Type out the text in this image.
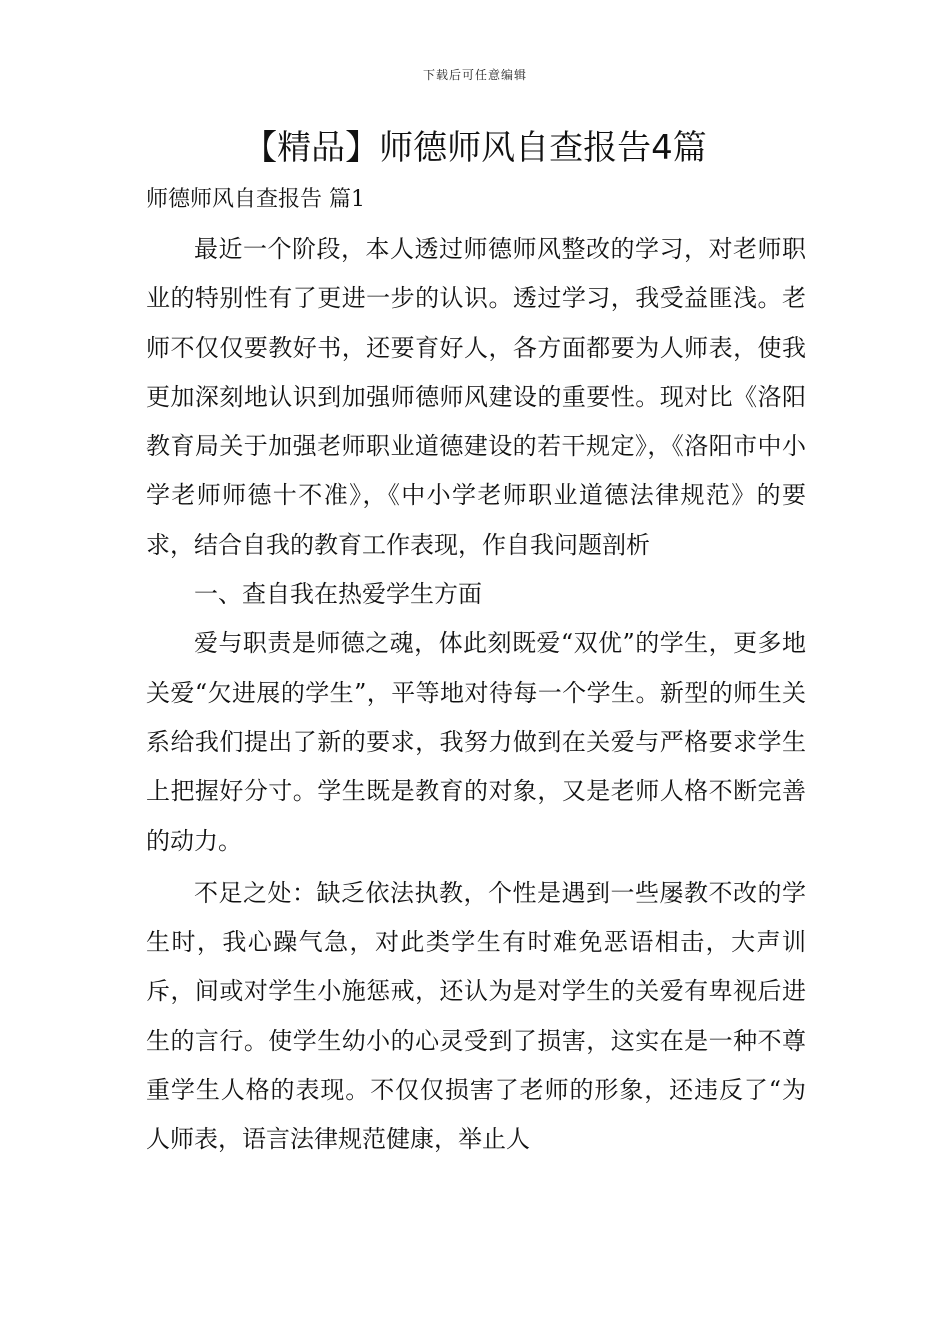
下载后可任意编辑
【精品】师德师风自查报告4篇
师德师风自查报告 篇1

最近一个阶段，本人透过师德师风整改的学习，对老师职业的特别性有了更进一步的认识。透过学习，我受益匪浅。老师不仅仅要教好书，还要育好人，各方面都要为人师表，使我更加深刻地认识到加强师德师风建设的重要性。现对比《洛阳教育局关于加强老师职业道德建设的若干规定》，《洛阳市中小学老师师德十不准》，《中小学老师职业道德法律规范》的要求，结合自我的教育工作表现，作自我问题剖析

一、查自我在热爱学生方面

爱与职责是师德之魂，体此刻既爱“双优”的学生，更多地关爱“欠进展的学生”，平等地对待每一个学生。新型的师生关系给我们提出了新的要求，我努力做到在关爱与严格要求学生上把握好分寸。学生既是教育的对象，又是老师人格不断完善的动力。

不足之处：缺乏依法执教，个性是遇到一些屡教不改的学生时，我心躁气急，对此类学生有时难免恶语相击，大声训斥，间或对学生小施惩戒，还认为是对学生的关爱有卑视后进生的言行。使学生幼小的心灵受到了损害，这实在是一种不尊重学生人格的表现。不仅仅损害了老师的形象，还违反了“为人师表，语言法律规范健康，举止人
